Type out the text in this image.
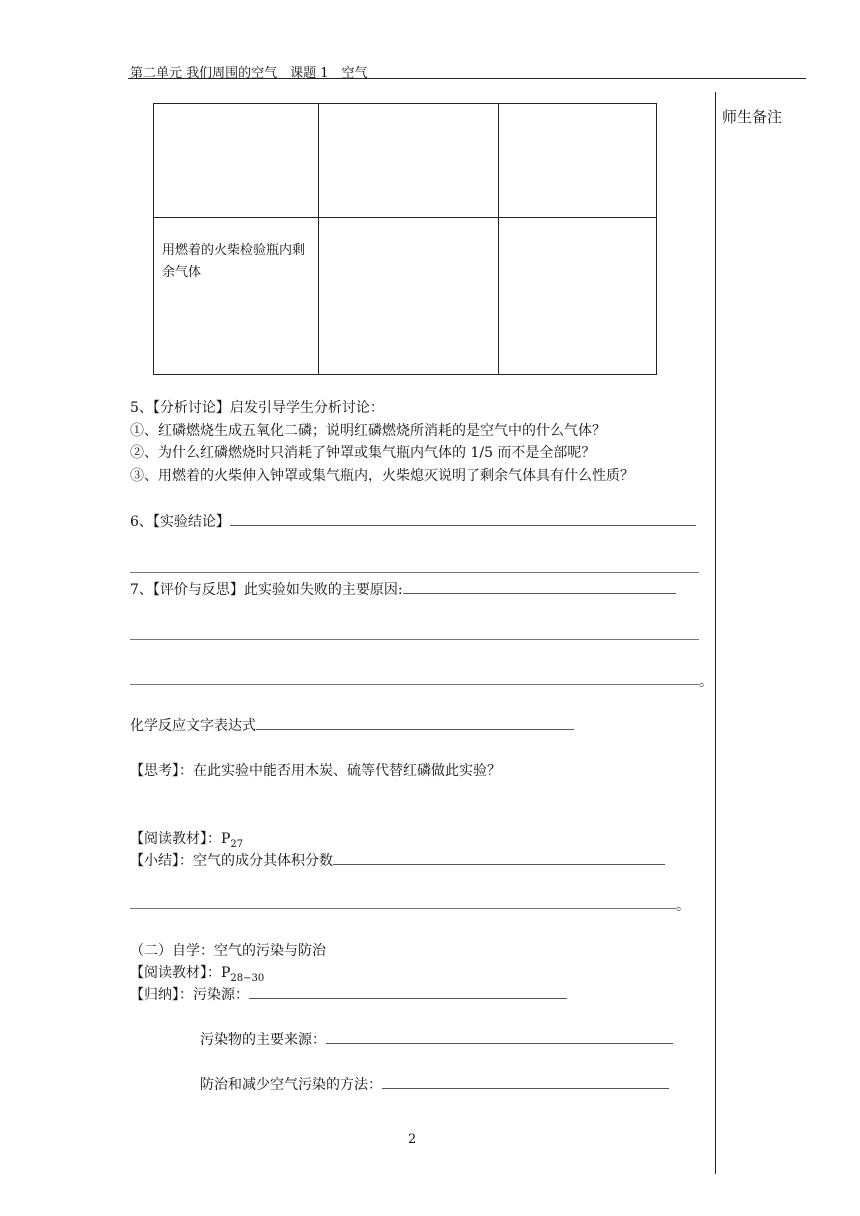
第二单元 我们周围的空气　课题 1　空气
师生备注

用燃着的火柴检验瓶内剩余气体		

5、【分析讨论】启发引导学生分析讨论：
①、红磷燃烧生成五氧化二磷；说明红磷燃烧所消耗的是空气中的什么气体？
②、为什么红磷燃烧时只消耗了钟罩或集气瓶内气体的 1/5 而不是全部呢？
③、用燃着的火柴伸入钟罩或集气瓶内，火柴熄灭说明了剩余气体具有什么性质？
6、【实验结论】
7、【评价与反思】此实验如失败的主要原因:
。
化学反应文字表达式
【思考】：在此实验中能否用木炭、硫等代替红磷做此实验？
【阅读教材】：$P_{27}$
【小结】：空气的成分其体积分数
。
（二）自学：空气的污染与防治
【阅读教材】：$P_{28-30}$
【归纳】：污染源：
污染物的主要来源：
防治和减少空气污染的方法：
2
